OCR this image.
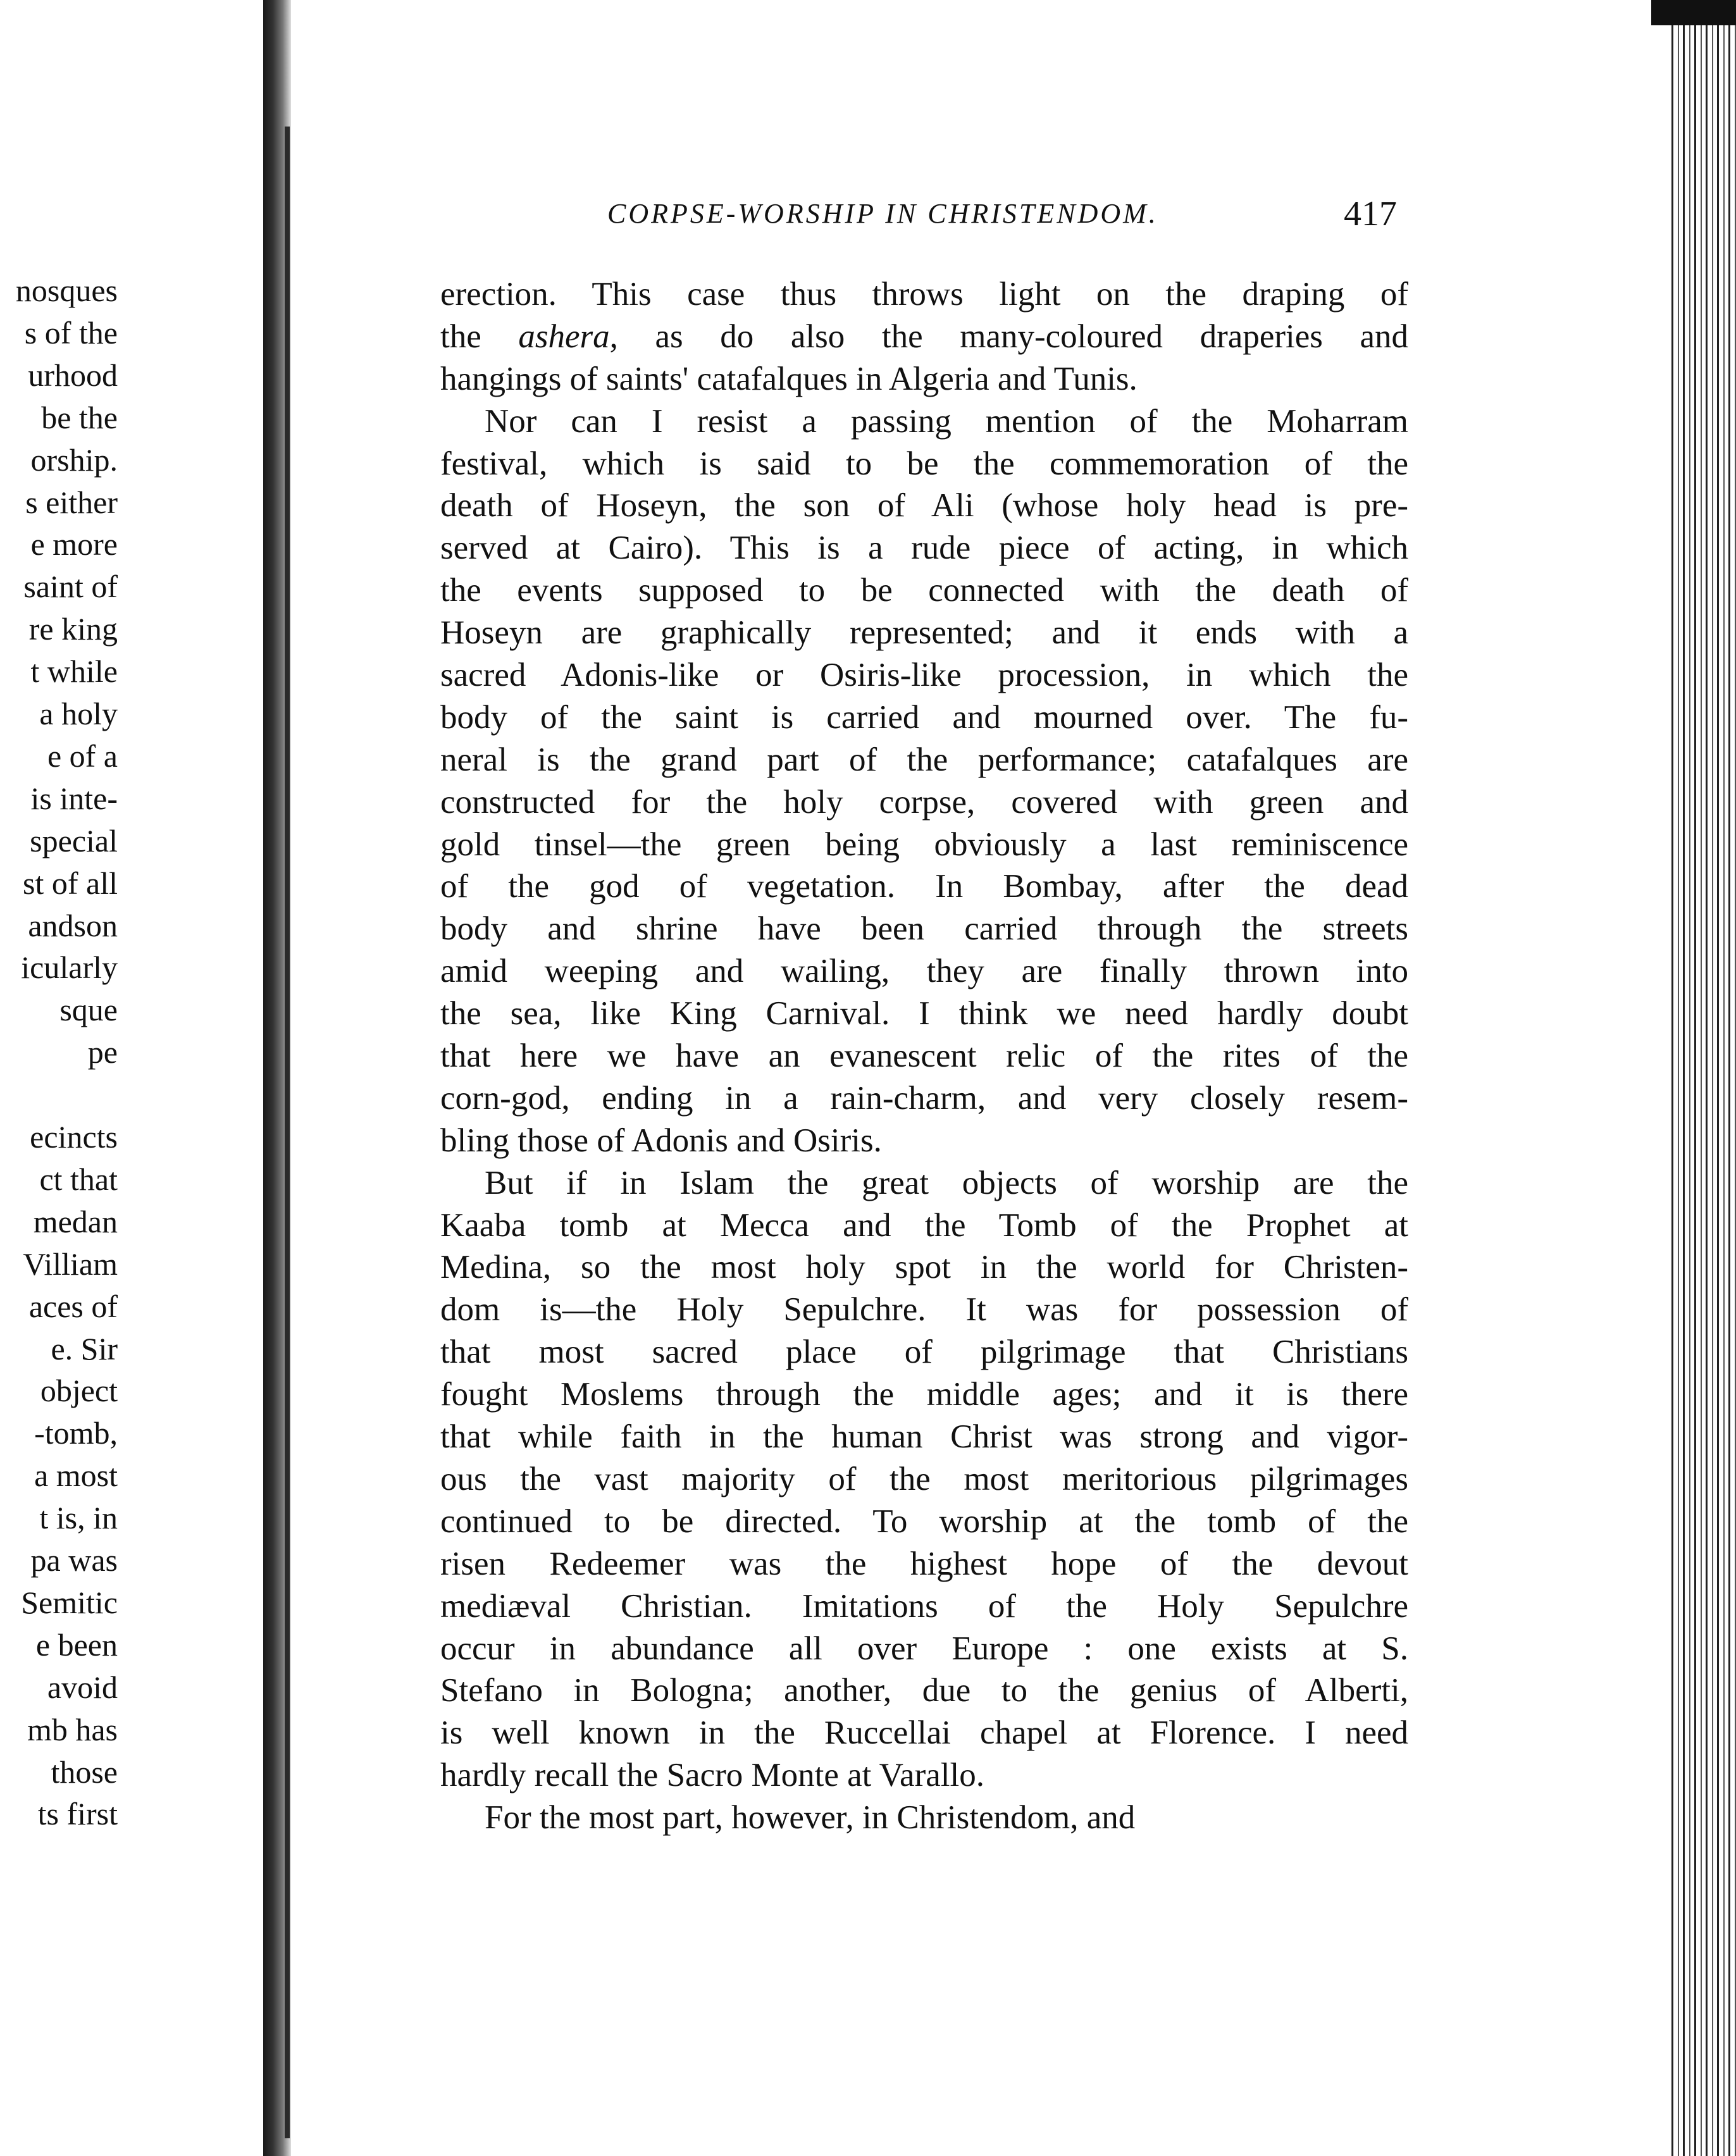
nosques
s of the
urhood
be the
orship.
s either
e more
saint of
re king
t while
a holy
e of a
is inte-
special
st of all
andson
icularly
sque
pe
ecincts
ct that
medan
Villiam
aces of
e. Sir
object
-tomb,
a most
t is, in
pa was
Semitic
e been
avoid
mb has
those
ts first
CORPSE-WORSHIP IN CHRISTENDOM.	417
erection. This case thus throws light on the draping of
the ashera, as do also the many-coloured draperies and
hangings of saints' catafalques in Algeria and Tunis.
Nor can I resist a passing mention of the Moharram
festival, which is said to be the commemoration of the
death of Hoseyn, the son of Ali (whose holy head is pre-
served at Cairo). This is a rude piece of acting, in which
the events supposed to be connected with the death of
Hoseyn are graphically represented; and it ends with a
sacred Adonis-like or Osiris-like procession, in which the
body of the saint is carried and mourned over. The fu-
neral is the grand part of the performance; catafalques are
constructed for the holy corpse, covered with green and
gold tinsel—the green being obviously a last reminiscence
of the god of vegetation. In Bombay, after the dead
body and shrine have been carried through the streets
amid weeping and wailing, they are finally thrown into
the sea, like King Carnival. I think we need hardly doubt
that here we have an evanescent relic of the rites of the
corn-god, ending in a rain-charm, and very closely resem-
bling those of Adonis and Osiris.
But if in Islam the great objects of worship are the
Kaaba tomb at Mecca and the Tomb of the Prophet at
Medina, so the most holy spot in the world for Christen-
dom is—the Holy Sepulchre. It was for possession of
that most sacred place of pilgrimage that Christians
fought Moslems through the middle ages; and it is there
that while faith in the human Christ was strong and vigor-
ous the vast majority of the most meritorious pilgrimages
continued to be directed. To worship at the tomb of the
risen Redeemer was the highest hope of the devout
mediæval Christian. Imitations of the Holy Sepulchre
occur in abundance all over Europe : one exists at S.
Stefano in Bologna; another, due to the genius of Alberti,
is well known in the Ruccellai chapel at Florence. I need
hardly recall the Sacro Monte at Varallo.
For the most part, however, in Christendom, and
